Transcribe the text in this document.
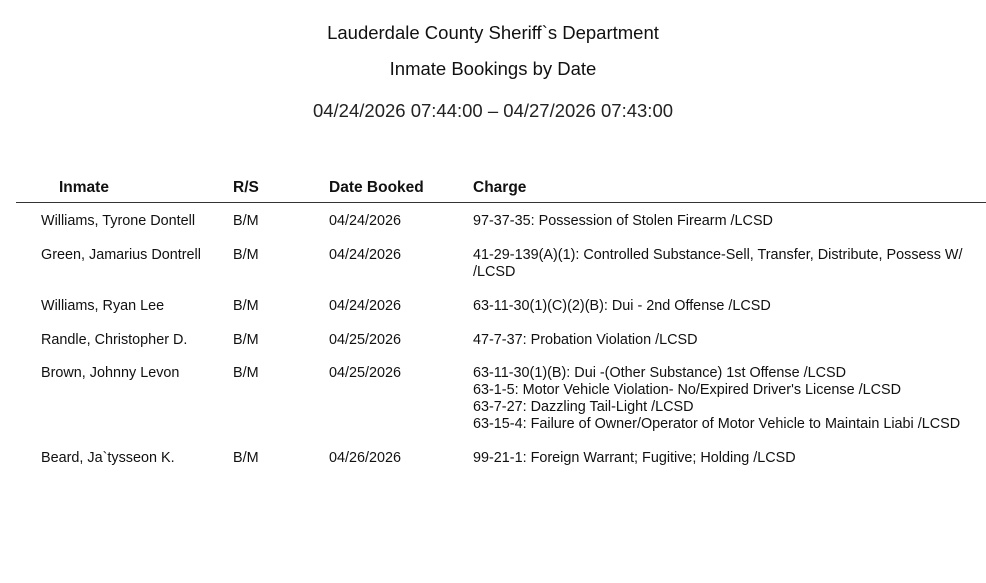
Lauderdale County Sheriff`s Department
Inmate Bookings by Date
04/24/2026 07:44:00 – 04/27/2026 07:43:00
Inmate	R/S	Date Booked	Charge
Williams, Tyrone Dontell	B/M	04/24/2026	97-37-35: Possession of Stolen Firearm /LCSD
Green, Jamarius Dontrell B/M	04/24/2026	41-29-139(A)(1): Controlled Substance-Sell, Transfer, Distribute, Possess W/
/LCSD
Williams, Ryan Lee	B/M	04/24/2026	63-11-30(1)(C)(2)(B): Dui - 2nd Offense /LCSD
Randle, Christopher D.	B/M	04/25/2026	47-7-37: Probation Violation /LCSD
Brown, Johnny Levon	B/M	04/25/2026	63-11-30(1)(B): Dui -(Other Substance) 1st Offense /LCSD
63-1-5: Motor Vehicle Violation- No/Expired Driver's License /LCSD
63-7-27: Dazzling Tail-Light /LCSD
63-15-4: Failure of Owner/Operator of Motor Vehicle to Maintain Liabi /LCSD
Beard, Ja`tysseon K.	B/M	04/26/2026	99-21-1: Foreign Warrant; Fugitive; Holding /LCSD
